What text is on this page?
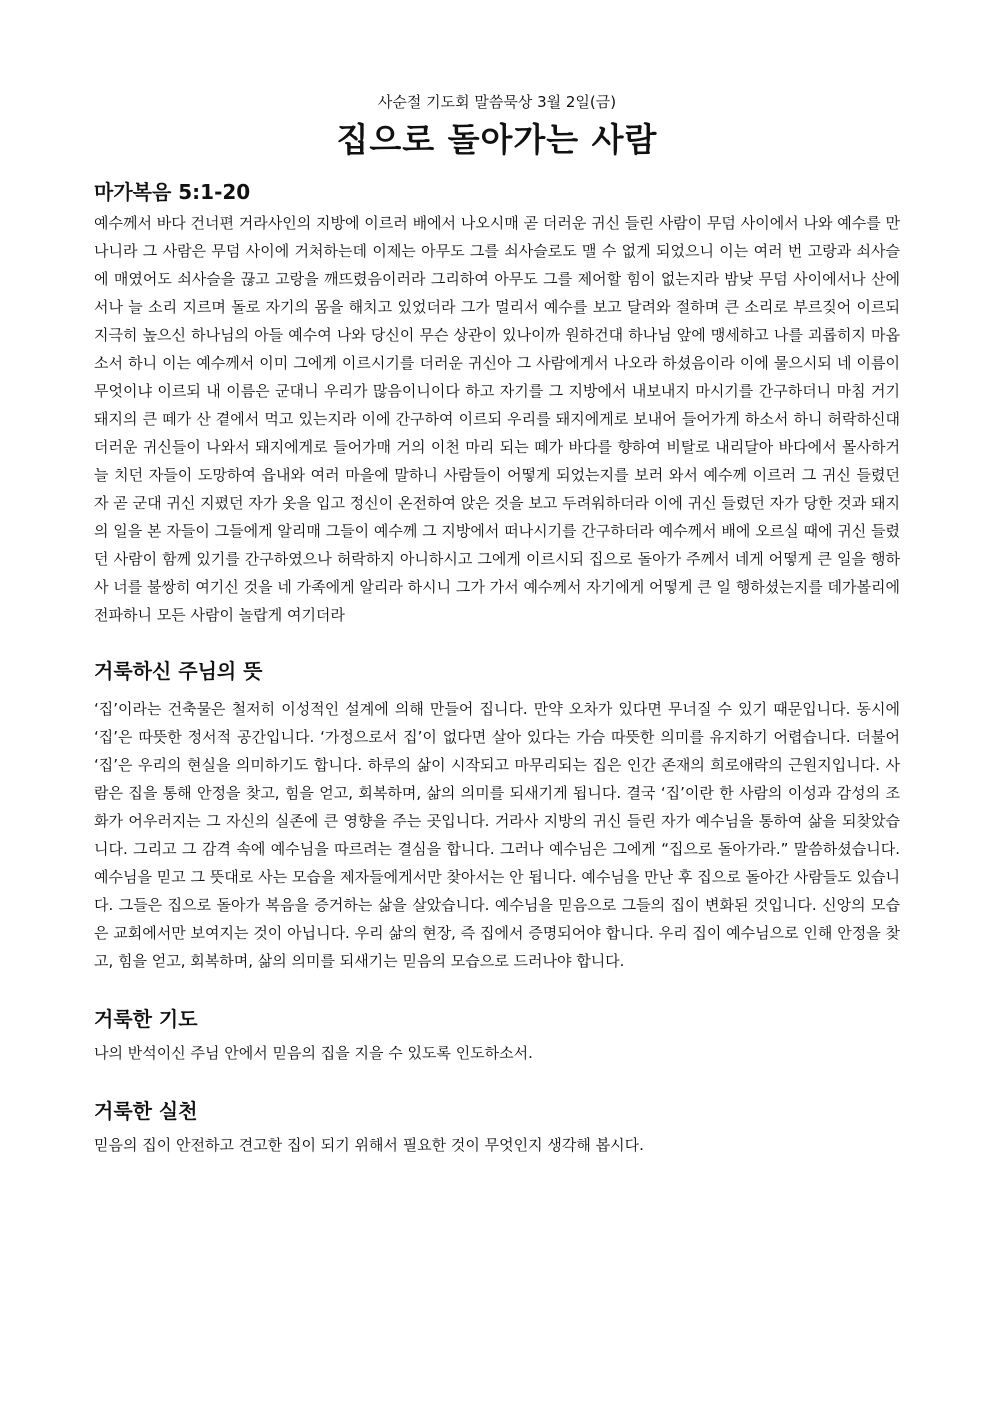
사순절 기도회 말씀묵상 3월 2일(금)

집으로 돌아가는 사람
마가복음 5:1-20

예수께서 바다 건너편 거라사인의 지방에 이르러 배에서 나오시매 곧 더러운 귀신 들린 사람이 무덤 사이에서 나와 예수를 만나니라 그 사람은 무덤 사이에 거처하는데 이제는 아무도 그를 쇠사슬로도 맬 수 없게 되었으니 이는 여러 번 고랑과 쇠사슬에 매였어도 쇠사슬을 끊고 고랑을 깨뜨렸음이러라 그리하여 아무도 그를 제어할 힘이 없는지라 밤낮 무덤 사이에서나 산에서나 늘 소리 지르며 돌로 자기의 몸을 해치고 있었더라 그가 멀리서 예수를 보고 달려와 절하며 큰 소리로 부르짖어 이르되 지극히 높으신 하나님의 아들 예수여 나와 당신이 무슨 상관이 있나이까 원하건대 하나님 앞에 맹세하고 나를 괴롭히지 마옵소서 하니 이는 예수께서 이미 그에게 이르시기를 더러운 귀신아 그 사람에게서 나오라 하셨음이라 이에 물으시되 네 이름이 무엇이냐 이르되 내 이름은 군대니 우리가 많음이니이다 하고 자기를 그 지방에서 내보내지 마시기를 간구하더니 마침 거기 돼지의 큰 떼가 산 곁에서 먹고 있는지라 이에 간구하여 이르되 우리를 돼지에게로 보내어 들어가게 하소서 하니 허락하신대 더러운 귀신들이 나와서 돼지에게로 들어가매 거의 이천 마리 되는 떼가 바다를 향하여 비탈로 내리달아 바다에서 몰사하거늘 치던 자들이 도망하여 읍내와 여러 마을에 말하니 사람들이 어떻게 되었는지를 보러 와서 예수께 이르러 그 귀신 들렸던 자 곧 군대 귀신 지폈던 자가 옷을 입고 정신이 온전하여 앉은 것을 보고 두려워하더라 이에 귀신 들렸던 자가 당한 것과 돼지의 일을 본 자들이 그들에게 알리매 그들이 예수께 그 지방에서 떠나시기를 간구하더라 예수께서 배에 오르실 때에 귀신 들렸던 사람이 함께 있기를 간구하였으나 허락하지 아니하시고 그에게 이르시되 집으로 돌아가 주께서 네게 어떻게 큰 일을 행하사 너를 불쌍히 여기신 것을 네 가족에게 알리라 하시니 그가 가서 예수께서 자기에게 어떻게 큰 일 행하셨는지를 데가볼리에 전파하니 모든 사람이 놀랍게 여기더라

거룩하신 주님의 뜻

‘집’이라는 건축물은 철저히 이성적인 설계에 의해 만들어 집니다. 만약 오차가 있다면 무너질 수 있기 때문입니다. 동시에 ‘집’은 따뜻한 정서적 공간입니다. ‘가정으로서 집’이 없다면 살아 있다는 가슴 따뜻한 의미를 유지하기 어렵습니다. 더불어 ‘집’은 우리의 현실을 의미하기도 합니다. 하루의 삶이 시작되고 마무리되는 집은 인간 존재의 희로애락의 근원지입니다. 사람은 집을 통해 안정을 찾고, 힘을 얻고, 회복하며, 삶의 의미를 되새기게 됩니다. 결국 ‘집’이란 한 사람의 이성과 감성의 조화가 어우러지는 그 자신의 실존에 큰 영향을 주는 곳입니다. 거라사 지방의 귀신 들린 자가 예수님을 통하여 삶을 되찾았습니다. 그리고 그 감격 속에 예수님을 따르려는 결심을 합니다. 그러나 예수님은 그에게 “집으로 돌아가라.” 말씀하셨습니다. 예수님을 믿고 그 뜻대로 사는 모습을 제자들에게서만 찾아서는 안 됩니다. 예수님을 만난 후 집으로 돌아간 사람들도 있습니다. 그들은 집으로 돌아가 복음을 증거하는 삶을 살았습니다. 예수님을 믿음으로 그들의 집이 변화된 것입니다. 신앙의 모습은 교회에서만 보여지는 것이 아닙니다. 우리 삶의 현장, 즉 집에서 증명되어야 합니다. 우리 집이 예수님으로 인해 안정을 찾고, 힘을 얻고, 회복하며, 삶의 의미를 되새기는 믿음의 모습으로 드러나야 합니다.

거룩한 기도

나의 반석이신 주님 안에서 믿음의 집을 지을 수 있도록 인도하소서.

거룩한 실천

믿음의 집이 안전하고 견고한 집이 되기 위해서 필요한 것이 무엇인지 생각해 봅시다.
